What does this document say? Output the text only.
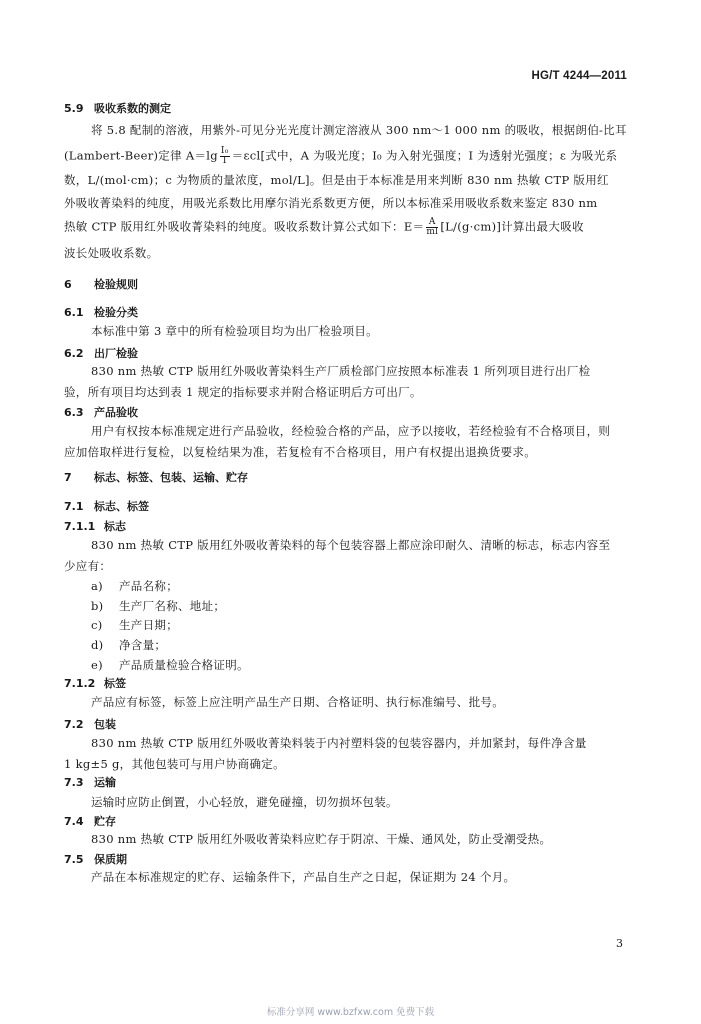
HG/T 4244—2011
5.9 吸收系数的测定
将 5.8 配制的溶液，用紫外-可见分光光度计测定溶液从 300 nm～1 000 nm 的吸收，根据朗伯-比耳
(Lambert-Beer)定律 $A=\lg \frac{\text{I₀}}{I} =\varepsilon cl$[式中，A 为吸光度；I₀ 为入射光强度；I 为透射光强度；ε 为吸光系
数，L/(mol·cm)；c 为物质的量浓度，mol/L]。但是由于本标准是用来判断 830 nm 热敏 CTP 版用红
外吸收菁染料的纯度，用吸光系数比用摩尔消光系数更方便，所以本标准采用吸收系数来鉴定 830 nm
热敏 CTP 版用红外吸收菁染料的纯度。吸收系数计算公式如下：$E= \frac{A}{ml} [L/(g\cdot cm)]$计算出最大吸收
波长处吸收系数。
6 检验规则
6.1 检验分类
本标准中第 3 章中的所有检验项目均为出厂检验项目。
6.2 出厂检验
830 nm 热敏 CTP 版用红外吸收菁染料生产厂质检部门应按照本标准表 1 所列项目进行出厂检
验，所有项目均达到表 1 规定的指标要求并附合格证明后方可出厂。
6.3 产品验收
用户有权按本标准规定进行产品验收，经检验合格的产品，应予以接收，若经检验有不合格项目，则
应加倍取样进行复检，以复检结果为准，若复检有不合格项目，用户有权提出退换货要求。
7 标志、标签、包装、运输、贮存
7.1 标志、标签
7.1.1 标志
830 nm 热敏 CTP 版用红外吸收菁染料的每个包装容器上都应涂印耐久、清晰的标志，标志内容至
少应有：
a) 产品名称；
b) 生产厂名称、地址；
c) 生产日期；
d) 净含量；
e) 产品质量检验合格证明。
7.1.2 标签
产品应有标签，标签上应注明产品生产日期、合格证明、执行标准编号、批号。
7.2 包装
830 nm 热敏 CTP 版用红外吸收菁染料装于内衬塑料袋的包装容器内，并加紧封，每件净含量
1 kg±5 g，其他包装可与用户协商确定。
7.3 运输
运输时应防止倒置，小心轻放，避免碰撞，切勿损坏包装。
7.4 贮存
830 nm 热敏 CTP 版用红外吸收菁染料应贮存于阴凉、干燥、通风处，防止受潮受热。
7.5 保质期
产品在本标准规定的贮存、运输条件下，产品自生产之日起，保证期为 24 个月。
3
标准分享网 www.bzfxw.com 免费下载
